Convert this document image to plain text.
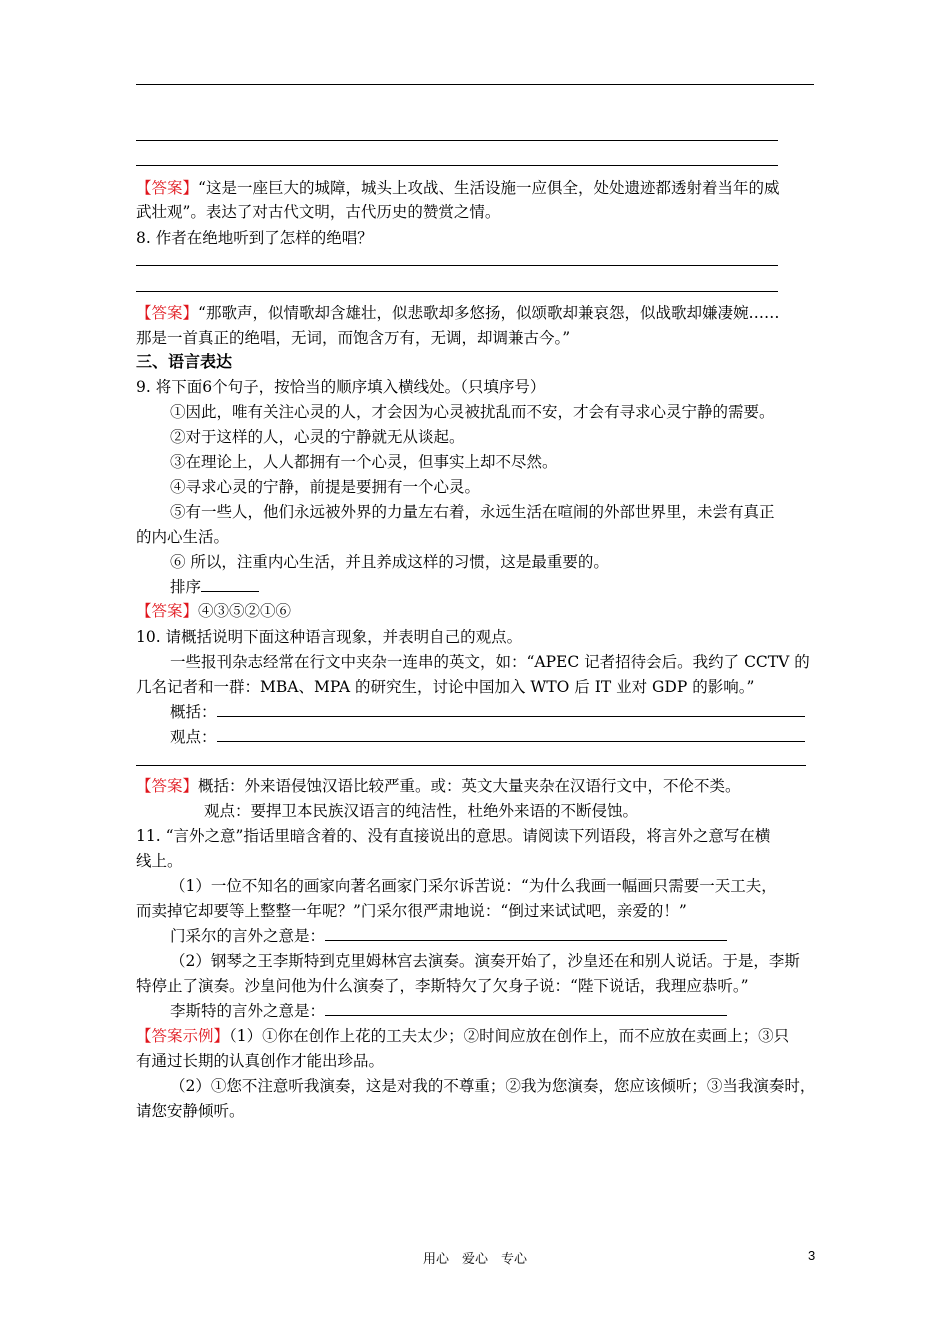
【答案】“这是一座巨大的城障，城头上攻战、生活设施一应俱全，处处遗迹都透射着当年的威
武壮观”。表达了对古代文明，古代历史的赞赏之情。
8. 作者在绝地听到了怎样的绝唱？
【答案】“那歌声，似情歌却含雄壮，似悲歌却多悠扬，似颂歌却兼哀怨，似战歌却嫌凄婉……
那是一首真正的绝唱，无词，而饱含万有，无调，却调兼古今。”
三、语言表达
9. 将下面6个句子，按恰当的顺序填入横线处。（只填序号）
①因此，唯有关注心灵的人，才会因为心灵被扰乱而不安，才会有寻求心灵宁静的需要。
②对于这样的人，心灵的宁静就无从谈起。
③在理论上，人人都拥有一个心灵，但事实上却不尽然。
④寻求心灵的宁静，前提是要拥有一个心灵。
⑤有一些人，他们永远被外界的力量左右着，永远生活在喧闹的外部世界里，未尝有真正
的内心生活。
⑥ 所以，注重内心生活，并且养成这样的习惯，这是最重要的。
排序
【答案】④③⑤②①⑥
10. 请概括说明下面这种语言现象，并表明自己的观点。
一些报刊杂志经常在行文中夹杂一连串的英文，如：“APEC 记者招待会后。我约了 CCTV 的
几名记者和一群：MBA、MPA 的研究生，讨论中国加入 WTO 后 IT 业对 GDP 的影响。”
概括：
观点：
【答案】概括：外来语侵蚀汉语比较严重。或：英文大量夹杂在汉语行文中，不伦不类。
观点：要捍卫本民族汉语言的纯洁性，杜绝外来语的不断侵蚀。
11. “言外之意”指话里暗含着的、没有直接说出的意思。请阅读下列语段，将言外之意写在横
线上。
（1）一位不知名的画家向著名画家门采尔诉苦说：“为什么我画一幅画只需要一天工夫，
而卖掉它却要等上整整一年呢？”门采尔很严肃地说：“倒过来试试吧，亲爱的！”
门采尔的言外之意是：
（2）钢琴之王李斯特到克里姆林宫去演奏。演奏开始了，沙皇还在和别人说话。于是，李斯
特停止了演奏。沙皇问他为什么演奏了，李斯特欠了欠身子说：“陛下说话，我理应恭听。”
李斯特的言外之意是：
【答案示例】（1）①你在创作上花的工夫太少；②时间应放在创作上，而不应放在卖画上；③只
有通过长期的认真创作才能出珍品。
（2）①您不注意听我演奏，这是对我的不尊重；②我为您演奏，您应该倾听；③当我演奏时，
请您安静倾听。
用心　爱心　专心	3
